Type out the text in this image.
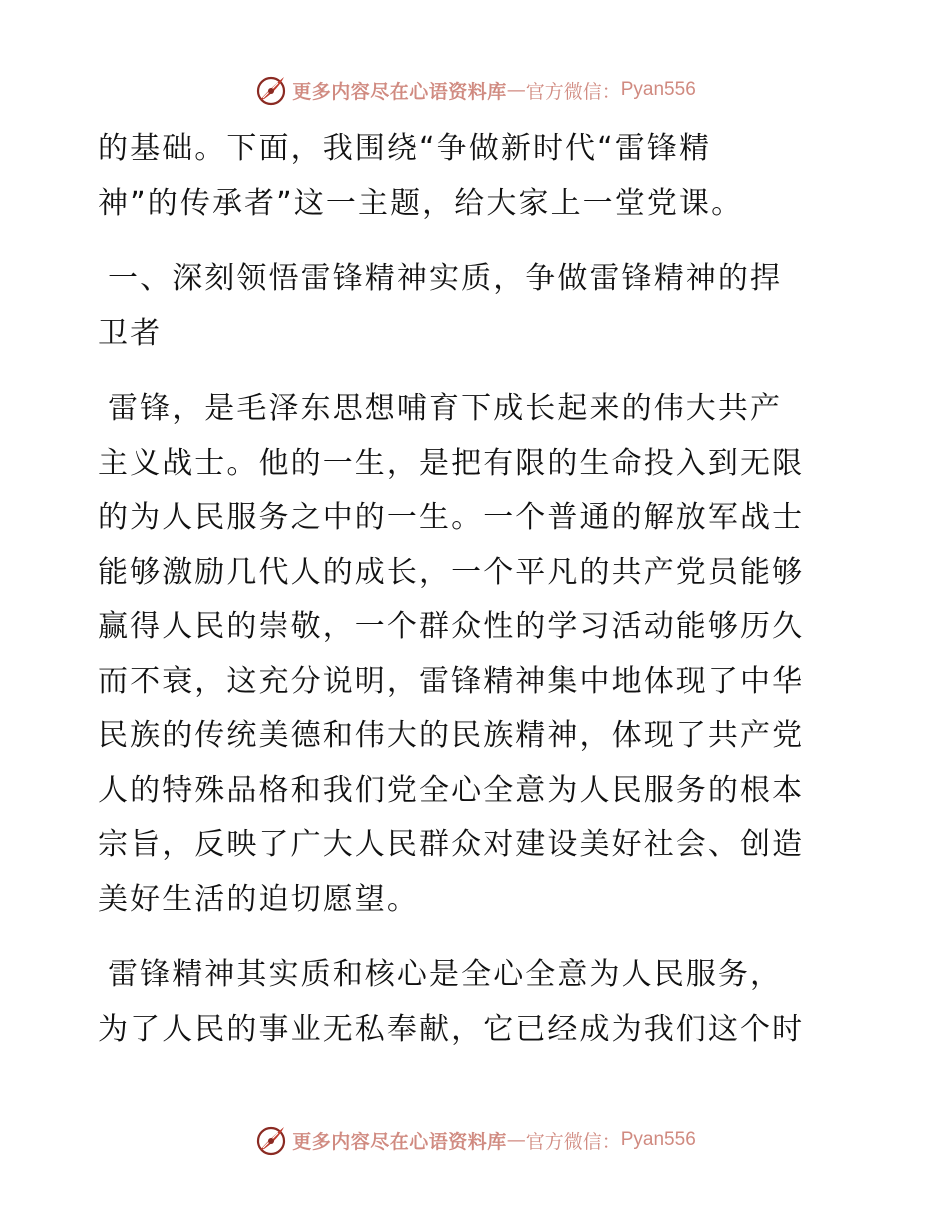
更多内容尽在心语资料库 — 官方微信： Pyan556

的基础。下面，我围绕“争做新时代“雷锋精
神”的传承者”这一主题，给大家上一堂党课。

一、深刻领悟雷锋精神实质，争做雷锋精神的捍
卫者

雷锋，是毛泽东思想哺育下成长起来的伟大共产
主义战士。他的一生，是把有限的生命投入到无限
的为人民服务之中的一生。一个普通的解放军战士
能够激励几代人的成长，一个平凡的共产党员能够
赢得人民的崇敬，一个群众性的学习活动能够历久
而不衰，这充分说明，雷锋精神集中地体现了中华
民族的传统美德和伟大的民族精神，体现了共产党
人的特殊品格和我们党全心全意为人民服务的根本
宗旨，反映了广大人民群众对建设美好社会、创造
美好生活的迫切愿望。

雷锋精神其实质和核心是全心全意为人民服务，
为了人民的事业无私奉献，它已经成为我们这个时

更多内容尽在心语资料库 — 官方微信： Pyan556
